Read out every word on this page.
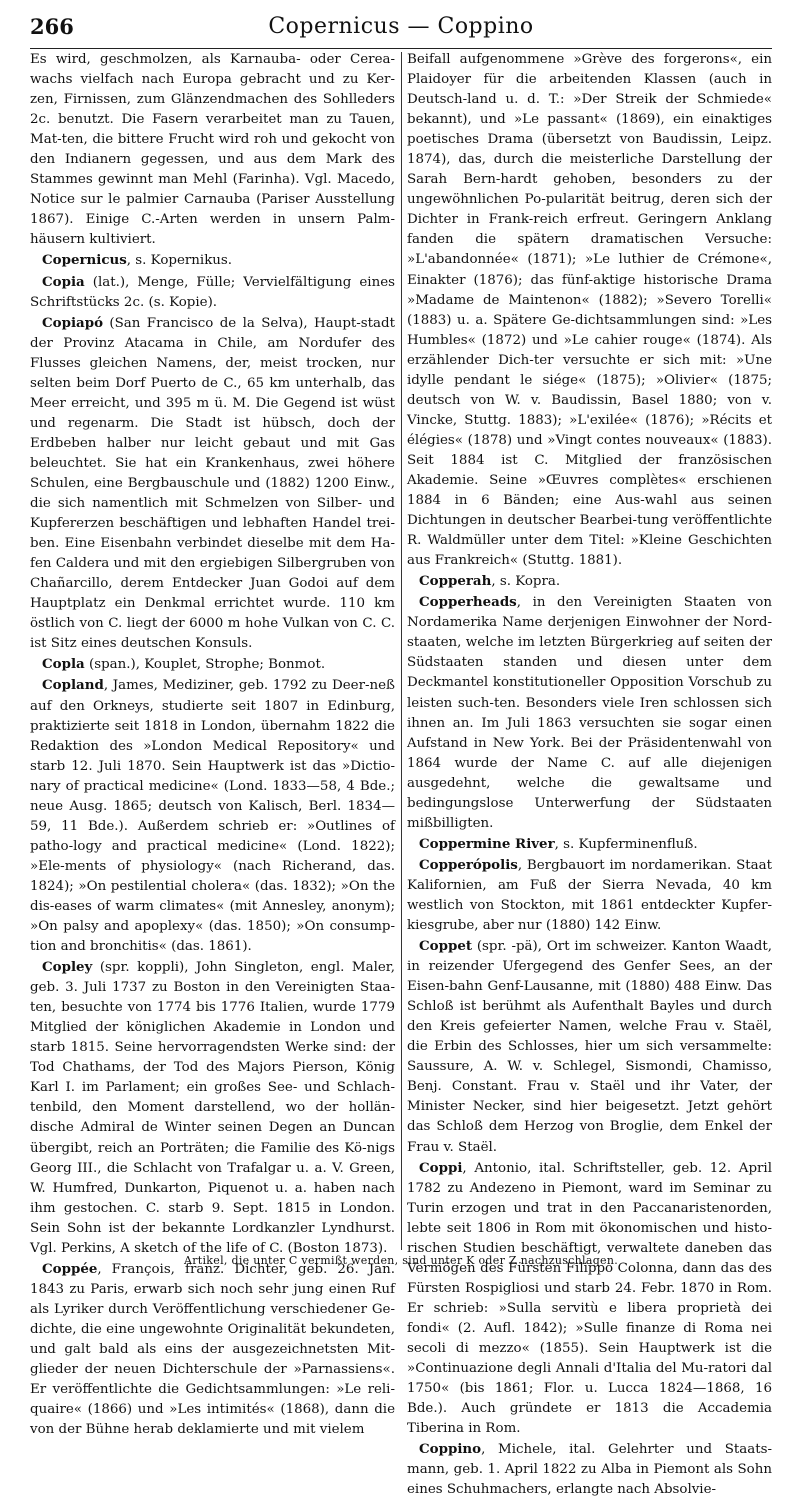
266	Copernicus — Coppino

Es wird, geschmolzen, als Karnauba- oder Cerea-wachs vielfach nach Europa gebracht und zu Ker-zen, Firnissen, zum Glänzendmachen des Sohlleders 2c. benutzt. Die Fasern verarbeitet man zu Tauen, Mat-ten, die bittere Frucht wird roh und gekocht von den Indianern gegessen, und aus dem Mark des Stammes gewinnt man Mehl (Farinha). Vgl. Macedo, Notice sur le palmier Carnauba (Pariser Ausstellung 1867). Einige C.-Arten werden in unsern Palm-häusern kultiviert.

Copernicus, s. Kopernikus.

Copia (lat.), Menge, Fülle; Vervielfältigung eines Schriftstücks 2c. (s. Kopie).

Copiapó (San Francisco de la Selva), Haupt-stadt der Provinz Atacama in Chile, am Nordufer des Flusses gleichen Namens, der, meist trocken, nur selten beim Dorf Puerto de C., 65 km unterhalb, das Meer erreicht, und 395 m ü. M. Die Gegend ist wüst und regenarm. Die Stadt ist hübsch, doch der Erdbeben halber nur leicht gebaut und mit Gas beleuchtet. Sie hat ein Krankenhaus, zwei höhere Schulen, eine Bergbauschule und (1882) 1200 Einw., die sich namentlich mit Schmelzen von Silber- und Kupfererzen beschäftigen und lebhaften Handel trei-ben. Eine Eisenbahn verbindet dieselbe mit dem Ha-fen Caldera und mit den ergiebigen Silbergruben von Chañarcillo, derem Entdecker Juan Godoi auf dem Hauptplatz ein Denkmal errichtet wurde. 110 km östlich von C. liegt der 6000 m hohe Vulkan von C. C. ist Sitz eines deutschen Konsuls.

Copla (span.), Kouplet, Strophe; Bonmot.

Copland, James, Mediziner, geb. 1792 zu Deer-neß auf den Orkneys, studierte seit 1807 in Edinburg, praktizierte seit 1818 in London, übernahm 1822 die Redaktion des »London Medical Repository« und starb 12. Juli 1870. Sein Hauptwerk ist das »Dictio-nary of practical medicine« (Lond. 1833—58, 4 Bde.; neue Ausg. 1865; deutsch von Kalisch, Berl. 1834—59, 11 Bde.). Außerdem schrieb er: »Outlines of patho-logy and practical medicine« (Lond. 1822); »Ele-ments of physiology« (nach Richerand, das. 1824); »On pestilential cholera« (das. 1832); »On the dis-eases of warm climates« (mit Annesley, anonym); »On palsy and apoplexy« (das. 1850); »On consump-tion and bronchitis« (das. 1861).

Copley (spr. koppli), John Singleton, engl. Maler, geb. 3. Juli 1737 zu Boston in den Vereinigten Staa-ten, besuchte von 1774 bis 1776 Italien, wurde 1779 Mitglied der königlichen Akademie in London und starb 1815. Seine hervorragendsten Werke sind: der Tod Chathams, der Tod des Majors Pierson, König Karl I. im Parlament; ein großes See- und Schlach-tenbild, den Moment darstellend, wo der hollän-dische Admiral de Winter seinen Degen an Duncan übergibt, reich an Porträten; die Familie des Kö-nigs Georg III., die Schlacht von Trafalgar u. a. V. Green, W. Humfred, Dunkarton, Piquenot u. a. haben nach ihm gestochen. C. starb 9. Sept. 1815 in London. Sein Sohn ist der bekannte Lordkanzler Lyndhurst. Vgl. Perkins, A sketch of the life of C. (Boston 1873).

Coppée, François, franz. Dichter, geb. 26. Jan. 1843 zu Paris, erwarb sich noch sehr jung einen Ruf als Lyriker durch Veröffentlichung verschiedener Ge-dichte, die eine ungewohnte Originalität bekundeten, und galt bald als eins der ausgezeichnetsten Mit-glieder der neuen Dichterschule der »Parnassiens«. Er veröffentlichte die Gedichtsammlungen: »Le reli-quaire« (1866) und »Les intimités« (1868), dann die von der Bühne herab deklamierte und mit vielem

Beifall aufgenommene »Grève des forgerons«, ein Plaidoyer für die arbeitenden Klassen (auch in Deutsch-land u. d. T.: »Der Streik der Schmiede« bekannt), und »Le passant« (1869), ein einaktiges poetisches Drama (übersetzt von Baudissin, Leipz. 1874), das, durch die meisterliche Darstellung der Sarah Bern-hardt gehoben, besonders zu der ungewöhnlichen Po-pularität beitrug, deren sich der Dichter in Frank-reich erfreut. Geringern Anklang fanden die spätern dramatischen Versuche: »L'abandonnée« (1871); »Le luthier de Crémone«, Einakter (1876); das fünf-aktige historische Drama »Madame de Maintenon« (1882); »Severo Torelli« (1883) u. a. Spätere Ge-dichtsammlungen sind: »Les Humbles« (1872) und »Le cahier rouge« (1874). Als erzählender Dich-ter versuchte er sich mit: »Une idylle pendant le siége« (1875); »Olivier« (1875; deutsch von W. v. Baudissin, Basel 1880; von v. Vincke, Stuttg. 1883); »L'exilée« (1876); »Récits et élégies« (1878) und »Vingt contes nouveaux« (1883). Seit 1884 ist C. Mitglied der französischen Akademie. Seine »Œuvres complètes« erschienen 1884 in 6 Bänden; eine Aus-wahl aus seinen Dichtungen in deutscher Bearbei-tung veröffentlichte R. Waldmüller unter dem Titel: »Kleine Geschichten aus Frankreich« (Stuttg. 1881).

Copperah, s. Kopra.

Copperheads, in den Vereinigten Staaten von Nordamerika Name derjenigen Einwohner der Nord-staaten, welche im letzten Bürgerkrieg auf seiten der Südstaaten standen und diesen unter dem Deckmantel konstitutioneller Opposition Vorschub zu leisten such-ten. Besonders viele Iren schlossen sich ihnen an. Im Juli 1863 versuchten sie sogar einen Aufstand in New York. Bei der Präsidentenwahl von 1864 wurde der Name C. auf alle diejenigen ausgedehnt, welche die gewaltsame und bedingungslose Unterwerfung der Südstaaten mißbilligten.

Coppermine River, s. Kupferminenfluß.

Copperópolis, Bergbauort im nordamerikan. Staat Kalifornien, am Fuß der Sierra Nevada, 40 km westlich von Stockton, mit 1861 entdeckter Kupfer-kiesgrube, aber nur (1880) 142 Einw.

Coppet (spr. -pä), Ort im schweizer. Kanton Waadt, in reizender Ufergegend des Genfer Sees, an der Eisen-bahn Genf-Lausanne, mit (1880) 488 Einw. Das Schloß ist berühmt als Aufenthalt Bayles und durch den Kreis gefeierter Namen, welche Frau v. Staël, die Erbin des Schlosses, hier um sich versammelte: Saussure, A. W. v. Schlegel, Sismondi, Chamisso, Benj. Constant. Frau v. Staël und ihr Vater, der Minister Necker, sind hier beigesetzt. Jetzt gehört das Schloß dem Herzog von Broglie, dem Enkel der Frau v. Staël.

Coppi, Antonio, ital. Schriftsteller, geb. 12. April 1782 zu Andezeno in Piemont, ward im Seminar zu Turin erzogen und trat in den Paccanaristenorden, lebte seit 1806 in Rom mit ökonomischen und histo-rischen Studien beschäftigt, verwaltete daneben das Vermögen des Fürsten Filippo Colonna, dann das des Fürsten Rospigliosi und starb 24. Febr. 1870 in Rom. Er schrieb: »Sulla servitù e libera proprietà dei fondi« (2. Aufl. 1842); »Sulle finanze di Roma nei secoli di mezzo« (1855). Sein Hauptwerk ist die »Continuazione degli Annali d'Italia del Mu-ratori dal 1750« (bis 1861; Flor. u. Lucca 1824—1868, 16 Bde.). Auch gründete er 1813 die Accademia Tiberina in Rom.

Coppino, Michele, ital. Gelehrter und Staats-mann, geb. 1. April 1822 zu Alba in Piemont als Sohn eines Schuhmachers, erlangte nach Absolvie-

Artikel, die unter C vermißt werden, sind unter K oder Z nachzuschlagen.
